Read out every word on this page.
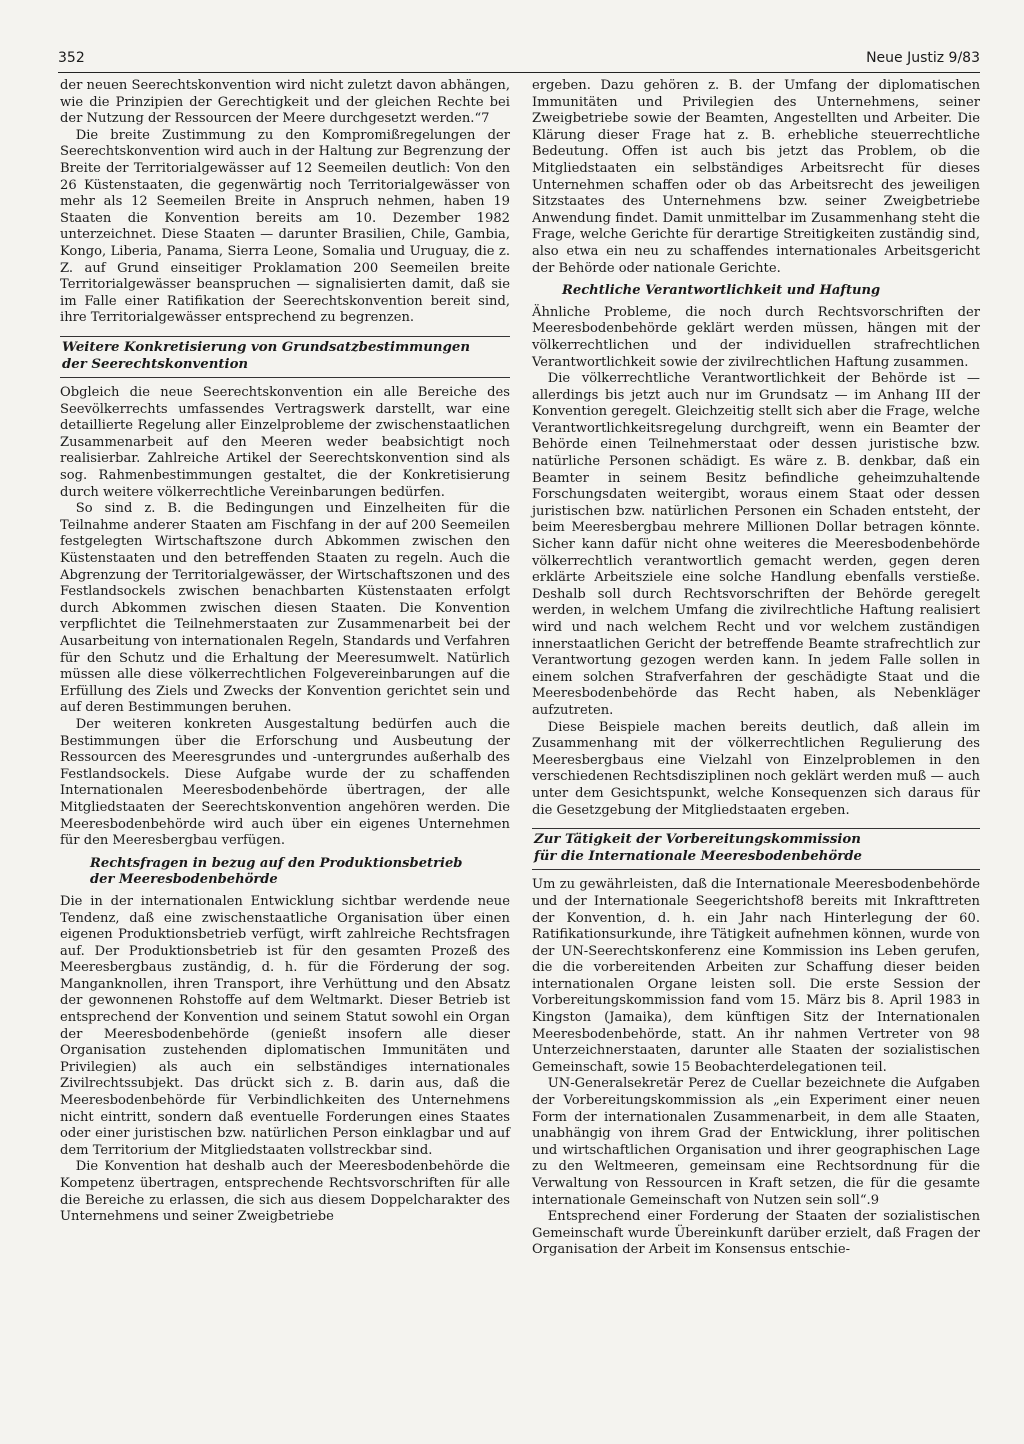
352	Neue Justiz 9/83

der neuen Seerechtskonvention wird nicht zuletzt davon abhängen, wie die Prinzipien der Gerechtigkeit und der gleichen Rechte bei der Nutzung der Ressourcen der Meere durchgesetzt werden.“7

Die breite Zustimmung zu den Kompromißregelungen der Seerechtskonvention wird auch in der Haltung zur Begrenzung der Breite der Territorialgewässer auf 12 Seemeilen deutlich: Von den 26 Küstenstaaten, die gegenwärtig noch Territorialgewässer von mehr als 12 Seemeilen Breite in Anspruch nehmen, haben 19 Staaten die Konvention bereits am 10. Dezember 1982 unterzeichnet. Diese Staaten — darunter Brasilien, Chile, Gambia, Kongo, Liberia, Panama, Sierra Leone, Somalia und Uruguay, die z. Z. auf Grund einseitiger Proklamation 200 Seemeilen breite Territorialgewässer beanspruchen — signalisierten damit, daß sie im Falle einer Ratifikation der Seerechtskonvention bereit sind, ihre Territorialgewässer entsprechend zu begrenzen.

Weitere Konkretisierung von Grundsatzbestimmungen
der Seerechtskonvention

Obgleich die neue Seerechtskonvention ein alle Bereiche des Seevölkerrechts umfassendes Vertragswerk darstellt, war eine detaillierte Regelung aller Einzelprobleme der zwischenstaatlichen Zusammenarbeit auf den Meeren weder beabsichtigt noch realisierbar. Zahlreiche Artikel der Seerechtskonvention sind als sog. Rahmenbestimmungen gestaltet, die der Konkretisierung durch weitere völkerrechtliche Vereinbarungen bedürfen.

So sind z. B. die Bedingungen und Einzelheiten für die Teilnahme anderer Staaten am Fischfang in der auf 200 Seemeilen festgelegten Wirtschaftszone durch Abkommen zwischen den Küstenstaaten und den betreffenden Staaten zu regeln. Auch die Abgrenzung der Territorialgewässer, der Wirtschaftszonen und des Festlandsockels zwischen benachbarten Küstenstaaten erfolgt durch Abkommen zwischen diesen Staaten. Die Konvention verpflichtet die Teilnehmerstaaten zur Zusammenarbeit bei der Ausarbeitung von internationalen Regeln, Standards und Verfahren für den Schutz und die Erhaltung der Meeresumwelt. Natürlich müssen alle diese völkerrechtlichen Folgevereinbarungen auf die Erfüllung des Ziels und Zwecks der Konvention gerichtet sein und auf deren Bestimmungen beruhen.

Der weiteren konkreten Ausgestaltung bedürfen auch die Bestimmungen über die Erforschung und Ausbeutung der Ressourcen des Meeresgrundes und -untergrundes außerhalb des Festlandsockels. Diese Aufgabe wurde der zu schaffenden Internationalen Meeresbodenbehörde übertragen, der alle Mitgliedstaaten der Seerechtskonvention angehören werden. Die Meeresbodenbehörde wird auch über ein eigenes Unternehmen für den Meeresbergbau verfügen.

Rechtsfragen in bezug auf den Produktionsbetrieb
der Meeresbodenbehörde

Die in der internationalen Entwicklung sichtbar werdende neue Tendenz, daß eine zwischenstaatliche Organisation über einen eigenen Produktionsbetrieb verfügt, wirft zahlreiche Rechtsfragen auf. Der Produktionsbetrieb ist für den gesamten Prozeß des Meeresbergbaus zuständig, d. h. für die Förderung der sog. Manganknollen, ihren Transport, ihre Verhüttung und den Absatz der gewonnenen Rohstoffe auf dem Weltmarkt. Dieser Betrieb ist entsprechend der Konvention und seinem Statut sowohl ein Organ der Meeresbodenbehörde (genießt insofern alle dieser Organisation zustehenden diplomatischen Immunitäten und Privilegien) als auch ein selbständiges internationales Zivilrechtssubjekt. Das drückt sich z. B. darin aus, daß die Meeresbodenbehörde für Verbindlichkeiten des Unternehmens nicht eintritt, sondern daß eventuelle Forderungen eines Staates oder einer juristischen bzw. natürlichen Person einklagbar und auf dem Territorium der Mitgliedstaaten vollstreckbar sind.

Die Konvention hat deshalb auch der Meeresbodenbehörde die Kompetenz übertragen, entsprechende Rechtsvorschriften für alle die Bereiche zu erlassen, die sich aus diesem Doppelcharakter des Unternehmens und seiner Zweigbetriebe

ergeben. Dazu gehören z. B. der Umfang der diplomatischen Immunitäten und Privilegien des Unternehmens, seiner Zweigbetriebe sowie der Beamten, Angestellten und Arbeiter. Die Klärung dieser Frage hat z. B. erhebliche steuerrechtliche Bedeutung. Offen ist auch bis jetzt das Problem, ob die Mitgliedstaaten ein selbständiges Arbeitsrecht für dieses Unternehmen schaffen oder ob das Arbeitsrecht des jeweiligen Sitzstaates des Unternehmens bzw. seiner Zweigbetriebe Anwendung findet. Damit unmittelbar im Zusammenhang steht die Frage, welche Gerichte für derartige Streitigkeiten zuständig sind, also etwa ein neu zu schaffendes internationales Arbeitsgericht der Behörde oder nationale Gerichte.

Rechtliche Verantwortlichkeit und Haftung

Ähnliche Probleme, die noch durch Rechtsvorschriften der Meeresbodenbehörde geklärt werden müssen, hängen mit der völkerrechtlichen und der individuellen strafrechtlichen Verantwortlichkeit sowie der zivilrechtlichen Haftung zusammen.

Die völkerrechtliche Verantwortlichkeit der Behörde ist — allerdings bis jetzt auch nur im Grundsatz — im Anhang III der Konvention geregelt. Gleichzeitig stellt sich aber die Frage, welche Verantwortlichkeitsregelung durchgreift, wenn ein Beamter der Behörde einen Teilnehmerstaat oder dessen juristische bzw. natürliche Personen schädigt. Es wäre z. B. denkbar, daß ein Beamter in seinem Besitz befindliche geheimzuhaltende Forschungsdaten weitergibt, woraus einem Staat oder dessen juristischen bzw. natürlichen Personen ein Schaden entsteht, der beim Meeresbergbau mehrere Millionen Dollar betragen könnte. Sicher kann dafür nicht ohne weiteres die Meeresbodenbehörde völkerrechtlich verantwortlich gemacht werden, gegen deren erklärte Arbeitsziele eine solche Handlung ebenfalls verstieße. Deshalb soll durch Rechtsvorschriften der Behörde geregelt werden, in welchem Umfang die zivilrechtliche Haftung realisiert wird und nach welchem Recht und vor welchem zuständigen innerstaatlichen Gericht der betreffende Beamte strafrechtlich zur Verantwortung gezogen werden kann. In jedem Falle sollen in einem solchen Strafverfahren der geschädigte Staat und die Meeresbodenbehörde das Recht haben, als Nebenkläger aufzutreten.

Diese Beispiele machen bereits deutlich, daß allein im Zusammenhang mit der völkerrechtlichen Regulierung des Meeresbergbaus eine Vielzahl von Einzelproblemen in den verschiedenen Rechtsdisziplinen noch geklärt werden muß — auch unter dem Gesichtspunkt, welche Konsequenzen sich daraus für die Gesetzgebung der Mitgliedstaaten ergeben.

Zur Tätigkeit der Vorbereitungskommission
für die Internationale Meeresbodenbehörde

Um zu gewährleisten, daß die Internationale Meeresbodenbehörde und der Internationale Seegerichtshof8 bereits mit Inkrafttreten der Konvention, d. h. ein Jahr nach Hinterlegung der 60. Ratifikationsurkunde, ihre Tätigkeit aufnehmen können, wurde von der UN-Seerechtskonferenz eine Kommission ins Leben gerufen, die die vorbereitenden Arbeiten zur Schaffung dieser beiden internationalen Organe leisten soll. Die erste Session der Vorbereitungskommission fand vom 15. März bis 8. April 1983 in Kingston (Jamaika), dem künftigen Sitz der Internationalen Meeresbodenbehörde, statt. An ihr nahmen Vertreter von 98 Unterzeichnerstaaten, darunter alle Staaten der sozialistischen Gemeinschaft, sowie 15 Beobachterdelegationen teil.

UN-Generalsekretär Perez de Cuellar bezeichnete die Aufgaben der Vorbereitungskommission als „ein Experiment einer neuen Form der internationalen Zusammenarbeit, in dem alle Staaten, unabhängig von ihrem Grad der Entwicklung, ihrer politischen und wirtschaftlichen Organisation und ihrer geographischen Lage zu den Weltmeeren, gemeinsam eine Rechtsordnung für die Verwaltung von Ressourcen in Kraft setzen, die für die gesamte internationale Gemeinschaft von Nutzen sein soll“.9

Entsprechend einer Forderung der Staaten der sozialistischen Gemeinschaft wurde Übereinkunft darüber erzielt, daß Fragen der Organisation der Arbeit im Konsensus entschie-
